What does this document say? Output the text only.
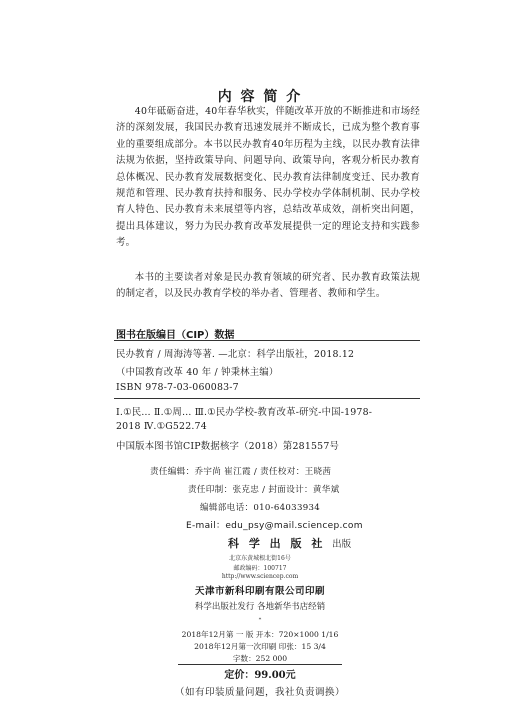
内 容 简 介

40年砥砺奋进，40年春华秋实，伴随改革开放的不断推进和市场经济的深刻发展，我国民办教育迅速发展并不断成长，已成为整个教育事业的重要组成部分。本书以民办教育40年历程为主线，以民办教育法律法规为依据，坚持政策导向、问题导向、政策导向，客观分析民办教育总体概况、民办教育发展数据变化、民办教育法律制度变迁、民办教育规范和管理、民办教育扶持和服务、民办学校办学体制机制、民办学校育人特色、民办教育未来展望等内容，总结改革成效，剖析突出问题，提出具体建议，努力为民办教育改革发展提供一定的理论支持和实践参考。

本书的主要读者对象是民办教育领域的研究者、民办教育政策法规的制定者，以及民办教育学校的举办者、管理者、教师和学生。

图书在版编目（CIP）数据
民办教育 / 周海涛等著. —北京：科学出版社，2018.12
（中国教育改革 40 年 / 钟秉林主编）
ISBN 978-7-03-060083-7
Ⅰ.①民… Ⅱ.①周… Ⅲ.①民办学校-教育改革-研究-中国-1978-
2018 Ⅳ.①G522.74
中国版本图书馆CIP数据核字（2018）第281557号
责任编辑：乔宇尚 崔江霞 / 责任校对：王晓茜
责任印制：张克忠 / 封面设计：黄华斌
编辑部电话：010-64033934
E-mail：edu_psy@mail.sciencep.com
科 学 出 版 社 出版
北京东黄城根北街16号
邮政编码：100717
http://www.sciencep.com
天津市新科印刷有限公司印刷
科学出版社发行 各地新华书店经销
*
2018年12月第 一 版 开本：720×1000 1/16
2018年12月第一次印刷 印张：15 3/4
字数：252 000
定价：99.00元
（如有印装质量问题，我社负责调换）
